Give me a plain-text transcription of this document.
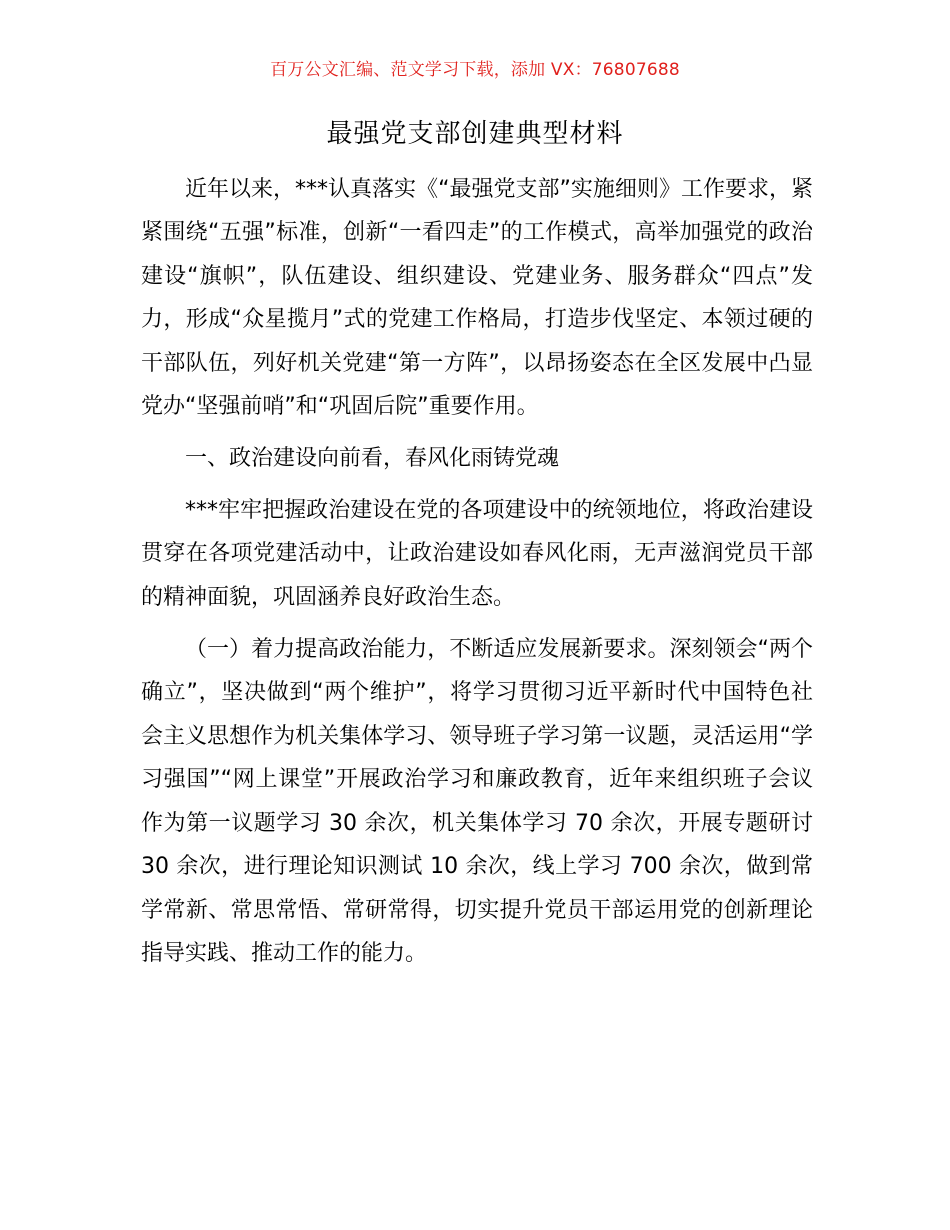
百万公文汇编、范文学习下载，添加 VX：76807688
最强党支部创建典型材料

近年以来，***认真落实《“最强党支部”实施细则》工作要求，紧紧围绕“五强”标准，创新“一看四走”的工作模式，高举加强党的政治建设“旗帜”，队伍建设、组织建设、党建业务、服务群众“四点”发力，形成“众星揽月”式的党建工作格局，打造步伐坚定、本领过硬的干部队伍，列好机关党建“第一方阵”，以昂扬姿态在全区发展中凸显党办“坚强前哨”和“巩固后院”重要作用。

一、政治建设向前看，春风化雨铸党魂

***牢牢把握政治建设在党的各项建设中的统领地位，将政治建设贯穿在各项党建活动中，让政治建设如春风化雨，无声滋润党员干部的精神面貌，巩固涵养良好政治生态。

（一）着力提高政治能力，不断适应发展新要求。深刻领会“两个确立”，坚决做到“两个维护”，将学习贯彻习近平新时代中国特色社会主义思想作为机关集体学习、领导班子学习第一议题，灵活运用“学习强国”“网上课堂”开展政治学习和廉政教育，近年来组织班子会议作为第一议题学习 30 余次，机关集体学习 70 余次，开展专题研讨 30 余次，进行理论知识测试 10 余次，线上学习 700 余次，做到常学常新、常思常悟、常研常得，切实提升党员干部运用党的创新理论指导实践、推动工作的能力。
